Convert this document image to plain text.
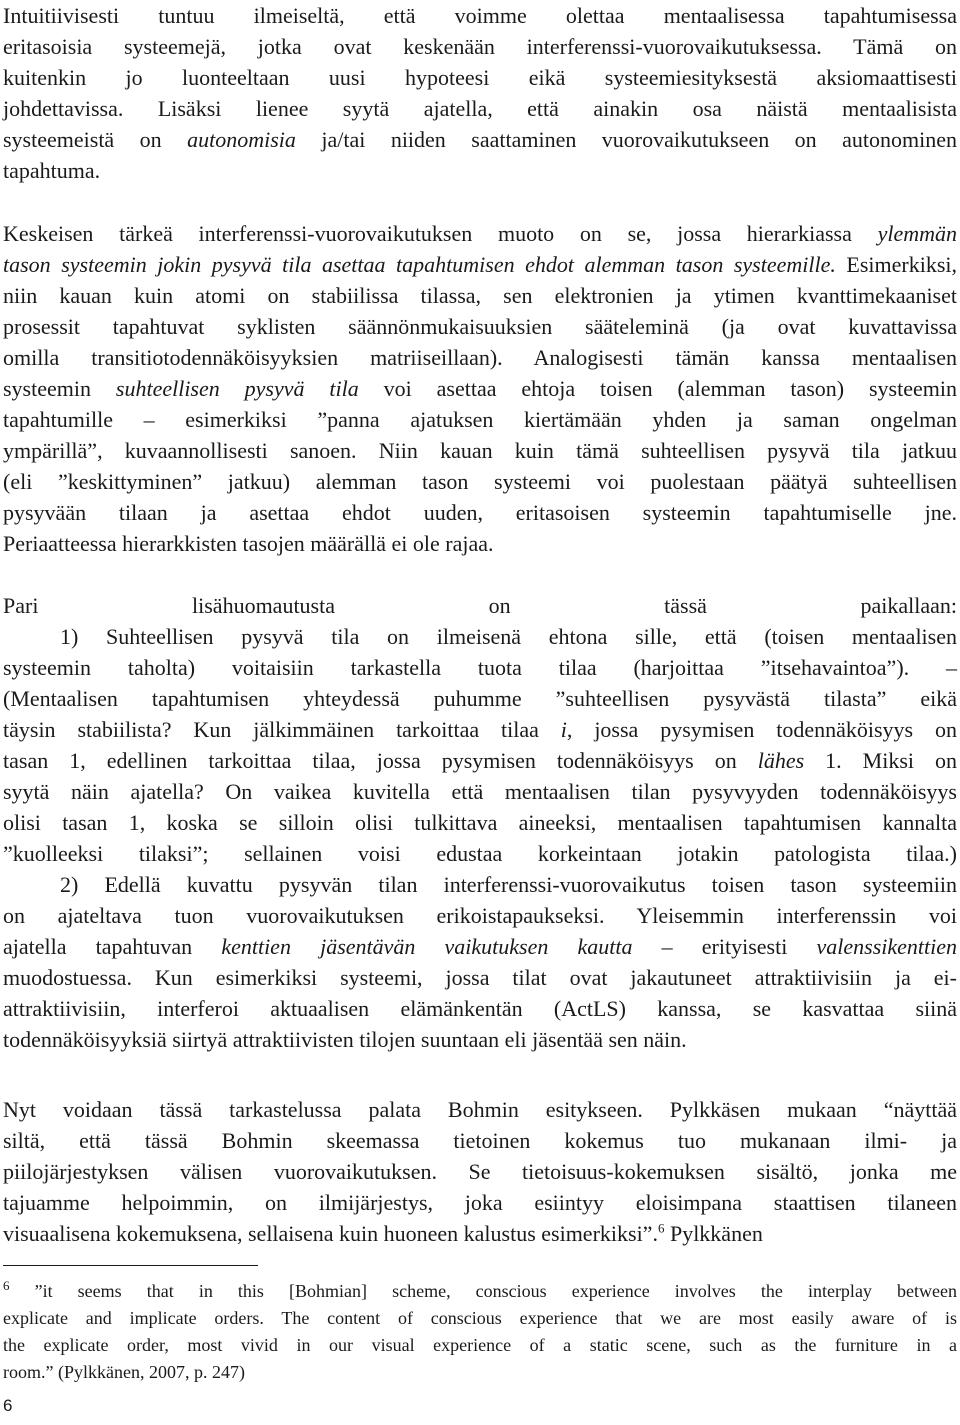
Intuitiivisesti tuntuu ilmeiseltä, että voimme olettaa mentaalisessa tapahtumisessa
eritasoisia systeemejä, jotka ovat keskenään interferenssi-vuorovaikutuksessa. Tämä on
kuitenkin jo luonteeltaan uusi hypoteesi eikä systeemiesityksestä aksiomaattisesti
johdettavissa. Lisäksi lienee syytä ajatella, että ainakin osa näistä mentaalisista
systeemeistä on autonomisia ja/tai niiden saattaminen vuorovaikutukseen on autonominen
tapahtuma.
Keskeisen tärkeä interferenssi-vuorovaikutuksen muoto on se, jossa hierarkiassa ylemmän
tason systeemin jokin pysyvä tila asettaa tapahtumisen ehdot alemman tason systeemille. Esimerkiksi,
niin kauan kuin atomi on stabiilissa tilassa, sen elektronien ja ytimen kvanttimekaaniset
prosessit tapahtuvat syklisten säännönmukaisuuksien sääteleminä (ja ovat kuvattavissa
omilla transitiotodennäköisyyksien matriiseillaan). Analogisesti tämän kanssa mentaalisen
systeemin suhteellisen pysyvä tila voi asettaa ehtoja toisen (alemman tason) systeemin
tapahtumille – esimerkiksi ”panna ajatuksen kiertämään yhden ja saman ongelman
ympärillä”, kuvaannollisesti sanoen. Niin kauan kuin tämä suhteellisen pysyvä tila jatkuu
(eli ”keskittyminen” jatkuu) alemman tason systeemi voi puolestaan päätyä suhteellisen
pysyvään tilaan ja asettaa ehdot uuden, eritasoisen systeemin tapahtumiselle jne.
Periaatteessa hierarkkisten tasojen määrällä ei ole rajaa.
Pari lisähuomautusta on tässä paikallaan:
1) Suhteellisen pysyvä tila on ilmeisenä ehtona sille, että (toisen mentaalisen
systeemin taholta) voitaisiin tarkastella tuota tilaa (harjoittaa ”itsehavaintoa”). –
(Mentaalisen tapahtumisen yhteydessä puhumme ”suhteellisen pysyvästä tilasta” eikä
täysin stabiilista? Kun jälkimmäinen tarkoittaa tilaa i, jossa pysymisen todennäköisyys on
tasan 1, edellinen tarkoittaa tilaa, jossa pysymisen todennäköisyys on lähes 1. Miksi on
syytä näin ajatella? On vaikea kuvitella että mentaalisen tilan pysyvyyden todennäköisyys
olisi tasan 1, koska se silloin olisi tulkittava aineeksi, mentaalisen tapahtumisen kannalta
”kuolleeksi tilaksi”; sellainen voisi edustaa korkeintaan jotakin patologista tilaa.)
2) Edellä kuvattu pysyvän tilan interferenssi-vuorovaikutus toisen tason systeemiin
on ajateltava tuon vuorovaikutuksen erikoistapaukseksi. Yleisemmin interferenssin voi
ajatella tapahtuvan kenttien jäsentävän vaikutuksen kautta – erityisesti valenssikenttien
muodostuessa. Kun esimerkiksi systeemi, jossa tilat ovat jakautuneet attraktiivisiin ja ei-
attraktiivisiin, interferoi aktuaalisen elämänkentän (ActLS) kanssa, se kasvattaa siinä
todennäköisyyksiä siirtyä attraktiivisten tilojen suuntaan eli jäsentää sen näin.
Nyt voidaan tässä tarkastelussa palata Bohmin esitykseen. Pylkkäsen mukaan “näyttää
siltä, että tässä Bohmin skeemassa tietoinen kokemus tuo mukanaan ilmi- ja
piilojärjestyksen välisen vuorovaikutuksen. Se tietoisuus-kokemuksen sisältö, jonka me
tajuamme helpoimmin, on ilmijärjestys, joka esiintyy eloisimpana staattisen tilaneen
visuaalisena kokemuksena, sellaisena kuin huoneen kalustus esimerkiksi”.$^6$ Pylkkänen
$^6$ ”it seems that in this [Bohmian] scheme, conscious experience involves the interplay between
explicate and implicate orders. The content of conscious experience that we are most easily aware of is
the explicate order, most vivid in our visual experience of a static scene, such as the furniture in a
room.” (Pylkkänen, 2007, p. 247)
6
